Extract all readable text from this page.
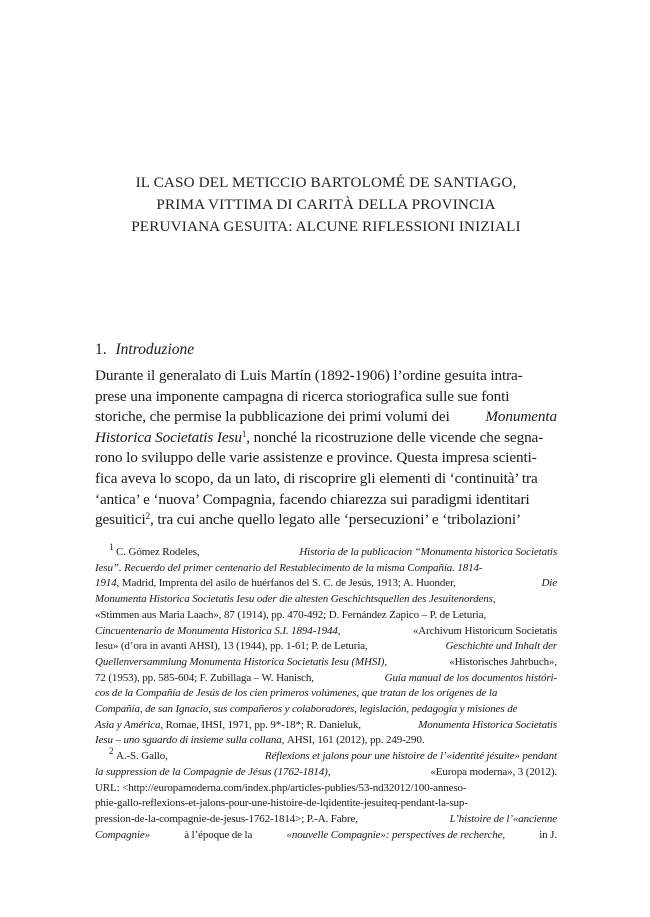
IL CASO DEL METICCIO BARTOLOMÉ DE SANTIAGO,
PRIMA VITTIMA DI CARITÀ DELLA PROVINCIA
PERUVIANA GESUITA: ALCUNE RIFLESSIONI INIZIALI
1. Introduzione
Durante il generalato di Luis Martín (1892-1906) l’ordine gesuita intra-
prese una imponente campagna di ricerca storiografica sulle sue fonti
storiche, che permise la pubblicazione dei primi volumi dei Monumenta
Historica Societatis Iesu$^1$, nonché la ricostruzione delle vicende che segna-
rono lo sviluppo delle varie assistenze e province. Questa impresa scienti-
fica aveva lo scopo, da un lato, di riscoprire gli elementi di ‘continuità’ tra
‘antica’ e ‘nuova’ Compagnia, facendo chiarezza sui paradigmi identitari
gesuitici$^2$, tra cui anche quello legato alle ‘persecuzioni’ e ‘tribolazioni’
$^1$ C. Gómez Rodeles,	Historia de la publicacion “Monumenta historica Societatis
Iesu”. Recuerdo del primer centenario del Restablecimento de la misma Compañía. 1814-
1914, Madrid, Imprenta del asilo de huérfanos del S. C. de Jesús, 1913; A. Huonder,	Die
Monumenta Historica Societatis Iesu oder die altesten Geschichtsquellen des Jesuitenordens,
«Stimmen aus Maria Laach», 87 (1914), pp. 470-492; D. Fernández Zapico – P. de Leturia,
Cincuentenario de Monumenta Historica S.I. 1894-1944,	«Archivum Historicum Societatis
Iesu» (d’ora in avanti AHSI), 13 (1944), pp. 1-61; P. de Leturia,	Geschichte und Inhalt der
Quellenversammlung Monumenta Historica Societatis Iesu (MHSI),	«Historisches Jahrbuch»,
72 (1953), pp. 585-604; F. Zubillaga – W. Hanisch,	Guía manual de los documentos históri-
cos de la Compañía de Jesús de los cien primeros volúmenes, que tratan de los orígenes de la
Compañía, de san Ignacio, sus compañeros y colaboradores, legislación, pedagogía y misiones de
Asia y América, Romae, IHSI, 1971, pp. 9*-18*; R. Danieluk,	Monumenta Historica Societatis
Iesu – uno sguardo di insieme sulla collana,
AHSI, 161 (2012), pp. 249-290.
$^2$ A.-S. Gallo,	Réflexions et jalons pour une histoire de l’«identité jésuite» pendant
la suppression de la Compagnie de Jésus (1762-1814),	«Europa moderna», 3 (2012).
URL: <http://europamoderna.com/index.php/articles-publies/53-nd32012/100-anneso-
phie-gallo-reflexions-et-jalons-pour-une-histoire-de-lqidentite-jesuiteq-pendant-la-sup-
pression-de-la-compagnie-de-jesus-1762-1814>; P.-A. Fabre,	L’histoire de l’«ancienne
Compagnie»	à l’époque de la	«nouvelle Compagnie»: perspectives de recherche,	in J.
